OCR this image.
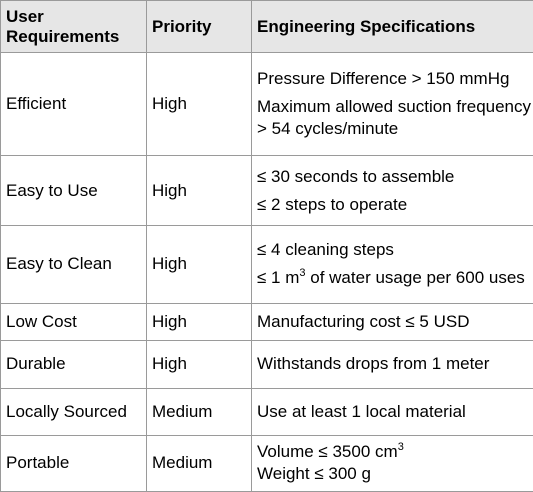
User Requirements	Priority	Engineering Specifications
Efficient	High	Pressure Difference > 150 mmHg
Maximum allowed suction frequency > 54 cycles/minute

Easy to Use	High	≤ 30 seconds to assemble
≤ 2 steps to operate

Easy to Clean	High	≤ 4 cleaning steps
≤ 1 $m^3$ of water usage per 600 uses

Low Cost	High	Manufacturing cost ≤ 5 USD

Durable	High	Withstands drops from 1 meter

Locally Sourced	Medium	Use at least 1 local material

Portable	Medium	Volume ≤ 3500 $cm^3$
Weight ≤ 300 g
